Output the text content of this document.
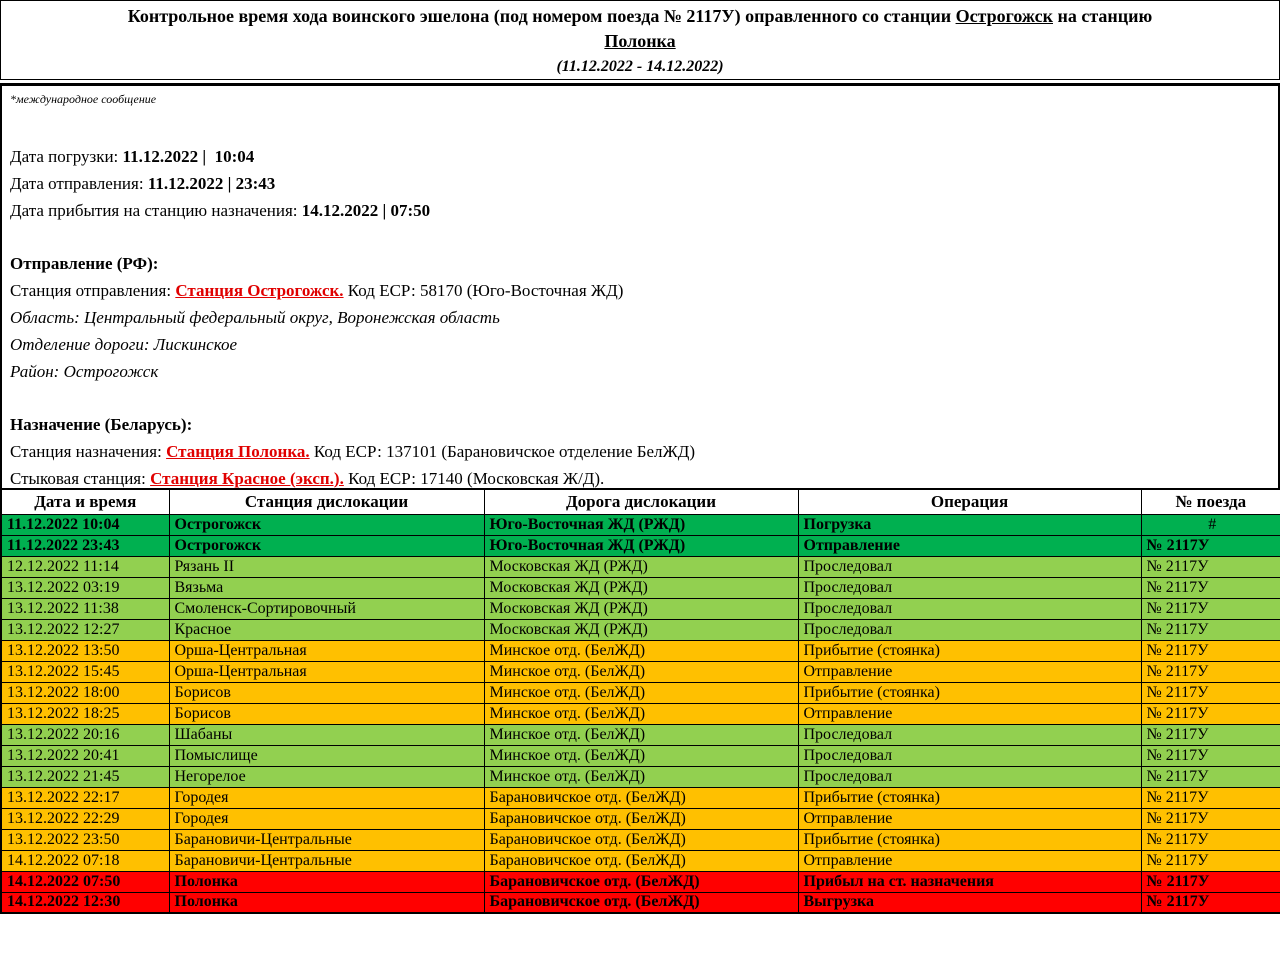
Контрольное время хода воинского эшелона (под номером поезда № 2117У) оправленного со станции Острогожск на станцию
Полонка
(11.12.2022 - 14.12.2022)

*международное сообщение

Дата погрузки: 11.12.2022 |  10:04
Дата отправления: 11.12.2022 | 23:43
Дата прибытия на станцию назначения: 14.12.2022 | 07:50
Отправление (РФ):
Станция отправления: Станция Острогожск. Код ЕСР: 58170 (Юго-Восточная ЖД)
Область: Центральный федеральный округ, Воронежская область
Отделение дороги: Лискинское
Район: Острогожск
Назначение (Беларусь):
Станция назначения: Станция Полонка. Код ЕСР: 137101 (Барановичское отделение БелЖД)
Стыковая станция: Станция Красное (эксп.). Код ЕСР: 17140 (Московская Ж/Д).
Дата и время	Станция дислокации	Дорога дислокации	Операция	№ поезда
11.12.2022 10:04	Острогожск	Юго-Восточная ЖД (РЖД)	Погрузка	#
11.12.2022 23:43	Острогожск	Юго-Восточная ЖД (РЖД)	Отправление	№ 2117У
12.12.2022 11:14	Рязань II	Московская ЖД (РЖД)	Проследовал	№ 2117У
13.12.2022 03:19	Вязьма	Московская ЖД (РЖД)	Проследовал	№ 2117У
13.12.2022 11:38	Смоленск-Сортировочный	Московская ЖД (РЖД)	Проследовал	№ 2117У
13.12.2022 12:27	Красное	Московская ЖД (РЖД)	Проследовал	№ 2117У
13.12.2022 13:50	Орша-Центральная	Минское отд. (БелЖД)	Прибытие (стоянка)	№ 2117У
13.12.2022 15:45	Орша-Центральная	Минское отд. (БелЖД)	Отправление	№ 2117У
13.12.2022 18:00	Борисов	Минское отд. (БелЖД)	Прибытие (стоянка)	№ 2117У
13.12.2022 18:25	Борисов	Минское отд. (БелЖД)	Отправление	№ 2117У
13.12.2022 20:16	Шабаны	Минское отд. (БелЖД)	Проследовал	№ 2117У
13.12.2022 20:41	Помыслище	Минское отд. (БелЖД)	Проследовал	№ 2117У
13.12.2022 21:45	Негорелое	Минское отд. (БелЖД)	Проследовал	№ 2117У
13.12.2022 22:17	Городея	Барановичское отд. (БелЖД)	Прибытие (стоянка)	№ 2117У
13.12.2022 22:29	Городея	Барановичское отд. (БелЖД)	Отправление	№ 2117У
13.12.2022 23:50	Барановичи-Центральные	Барановичское отд. (БелЖД)	Прибытие (стоянка)	№ 2117У
14.12.2022 07:18	Барановичи-Центральные	Барановичское отд. (БелЖД)	Отправление	№ 2117У
14.12.2022 07:50	Полонка	Барановичское отд. (БелЖД)	Прибыл на ст. назначения	№ 2117У
14.12.2022 12:30	Полонка	Барановичское отд. (БелЖД)	Выгрузка	№ 2117У
